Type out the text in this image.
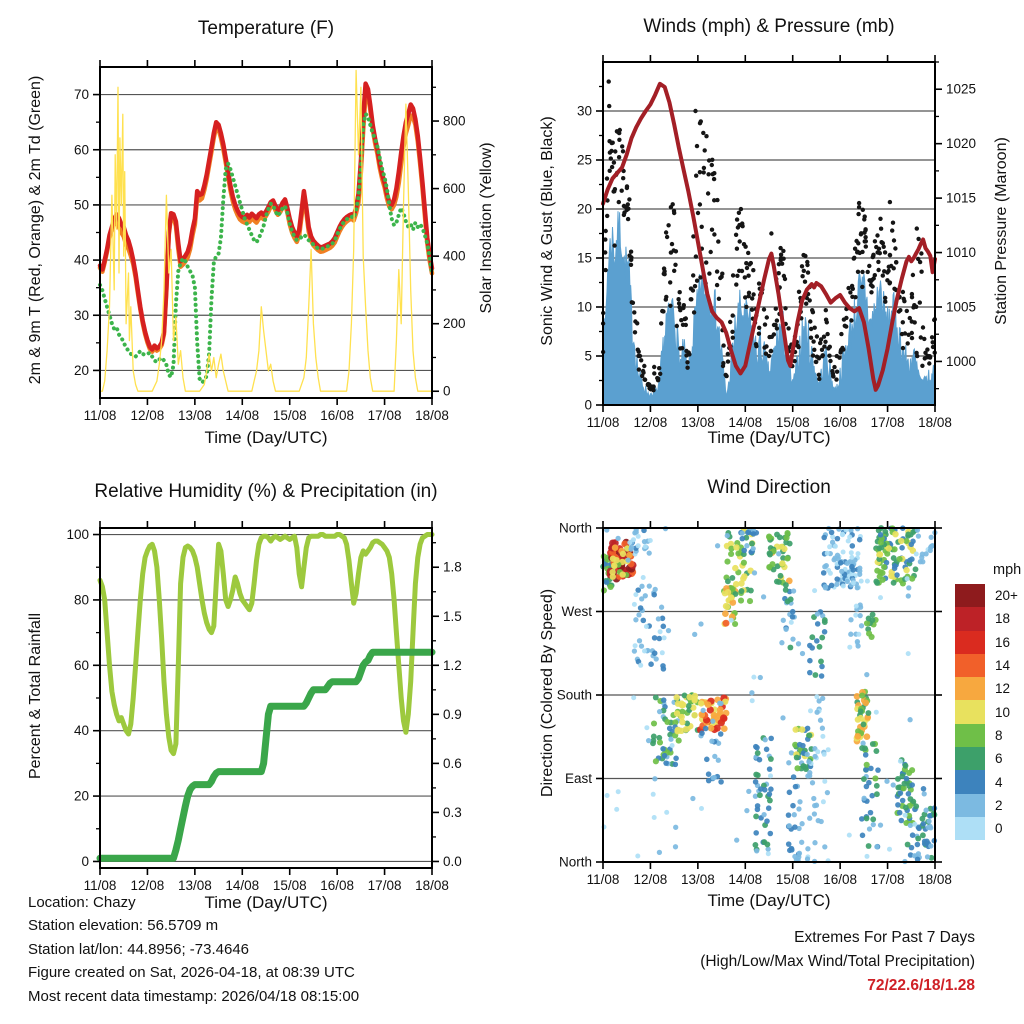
11/08 12/08 13/08 14/08 15/08 16/08 17/08 18/08
20
30
40
50
60
70
0
200
400
600
800
11/08 12/08 13/08 14/08 15/08 16/08 17/08 18/08
0
5
10
15
20
25
30
1000
1005
1010
1015
1020
1025
11/08 12/08 13/08 14/08 15/08 16/08 17/08 18/08
0
20
40
60
80
100
0.0
0.3
0.6
0.9
1.2
1.5
1.8
11/08 12/08 13/08 14/08 15/08 16/08 17/08 18/08
North
West
South
East
North
Temperature (F)	Winds (mph) & Pressure (mb)
Relative Humidity (%) & Precipitation (in)	Wind Direction
Time (Day/UTC)	Time (Day/UTC)
Time (Day/UTC)	Time (Day/UTC)
2m & 9m T (Red, Orange) & 2m Td (Green)	Solar Insolation (Yellow)	Sonic Wind & Gust (Blue, Black)	Station Pressure (Maroon)
Percent & Total Rainfall	Direction (Colored By Speed)
mph
20+
18
16
14
12
10
8
6
4
2
0
Location: Chazy
Station elevation: 56.5709 m
Station lat/lon: 44.8956; -73.4646
Figure created on Sat, 2026-04-18, at 08:39 UTC
Most recent data timestamp: 2026/04/18 08:15:00
Extremes For Past 7 Days
(High/Low/Max Wind/Total Precipitation)
72/22.6/18/1.28
